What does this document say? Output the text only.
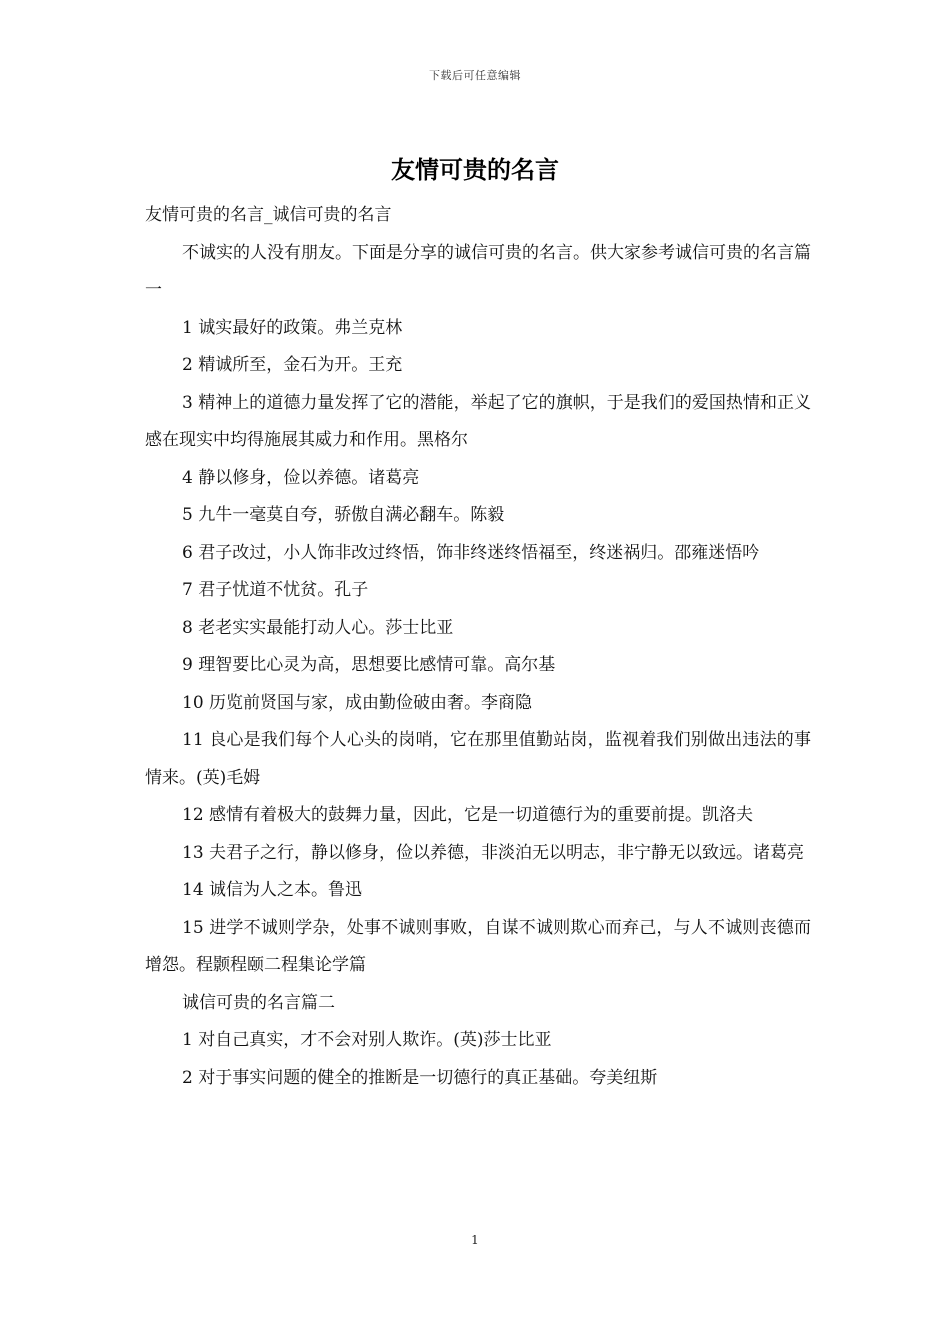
下载后可任意编辑
友情可贵的名言

友情可贵的名言_诚信可贵的名言

不诚实的人没有朋友。下面是分享的诚信可贵的名言。供大家参考诚信可贵的名言篇一

1 诚实最好的政策。弗兰克林

2 精诚所至，金石为开。王充

3 精神上的道德力量发挥了它的潜能，举起了它的旗帜，于是我们的爱国热情和正义感在现实中均得施展其威力和作用。黑格尔

4 静以修身，俭以养德。诸葛亮

5 九牛一毫莫自夸，骄傲自满必翻车。陈毅

6 君子改过，小人饰非改过终悟，饰非终迷终悟福至，终迷祸归。邵雍迷悟吟

7 君子忧道不忧贫。孔子

8 老老实实最能打动人心。莎士比亚

9 理智要比心灵为高，思想要比感情可靠。高尔基

10 历览前贤国与家，成由勤俭破由奢。李商隐

11 良心是我们每个人心头的岗哨，它在那里值勤站岗，监视着我们别做出违法的事情来。(英)毛姆

12 感情有着极大的鼓舞力量，因此，它是一切道德行为的重要前提。凯洛夫

13 夫君子之行，静以修身，俭以养德，非淡泊无以明志，非宁静无以致远。诸葛亮

14 诚信为人之本。鲁迅

15 进学不诚则学杂，处事不诚则事败，自谋不诚则欺心而弃己，与人不诚则丧德而增怨。程颢程颐二程集论学篇

诚信可贵的名言篇二

1 对自己真实，才不会对别人欺诈。(英)莎士比亚

2 对于事实问题的健全的推断是一切德行的真正基础。夸美纽斯

1
